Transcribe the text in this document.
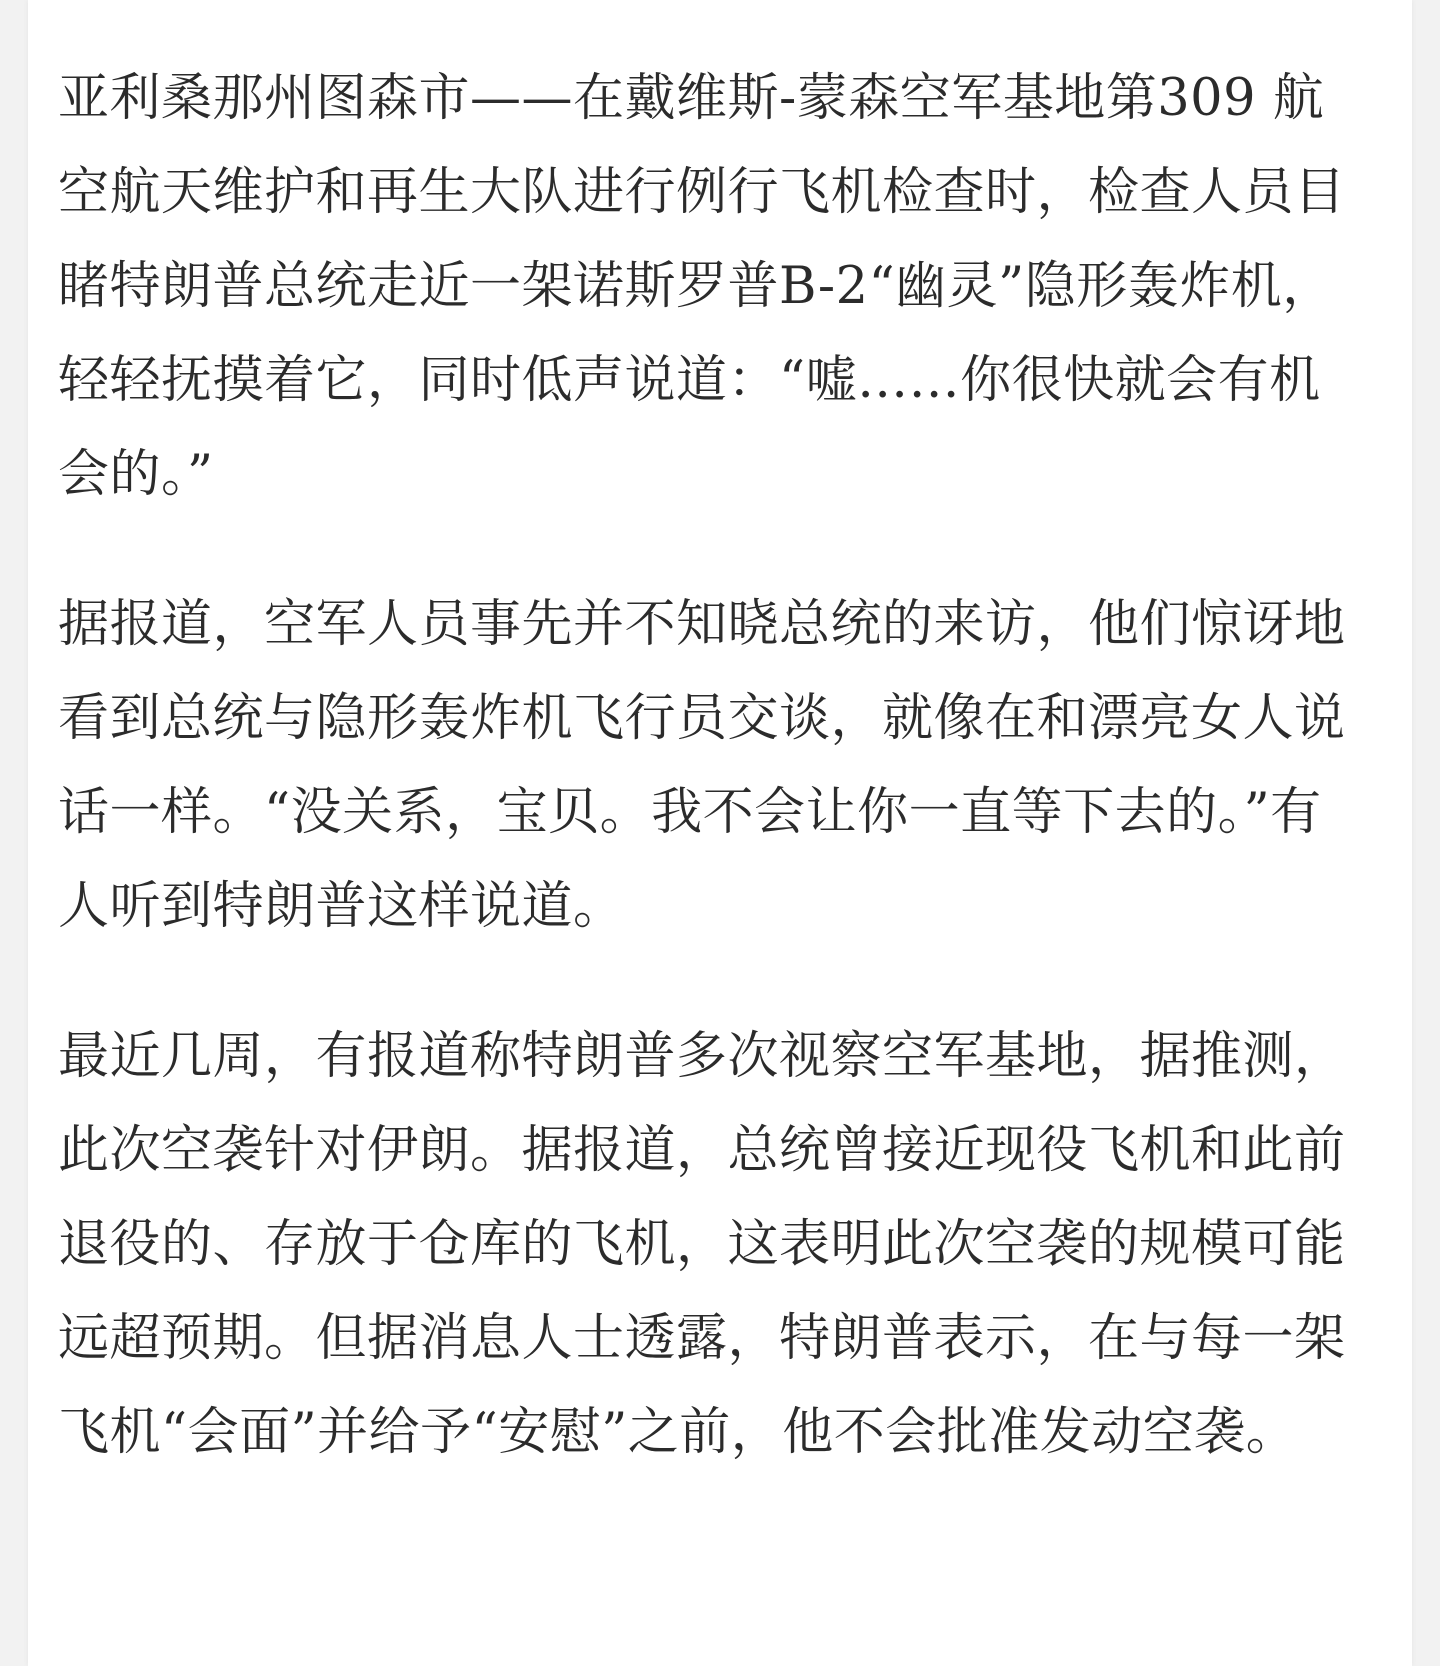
亚利桑那州图森市——在戴维斯-蒙森空军基地第309 航空航天维护和再生大队进行例行飞机检查时，检查人员目睹特朗普总统走近一架诺斯罗普B-2“幽灵”隐形轰炸机，轻轻抚摸着它，同时低声说道：“嘘……你很快就会有机会的。”

据报道，空军人员事先并不知晓总统的来访，他们惊讶地看到总统与隐形轰炸机飞行员交谈，就像在和漂亮女人说话一样。“没关系，宝贝。我不会让你一直等下去的。”有人听到特朗普这样说道。

最近几周，有报道称特朗普多次视察空军基地，据推测，此次空袭针对伊朗。据报道，总统曾接近现役飞机和此前退役的、存放于仓库的飞机，这表明此次空袭的规模可能远超预期。但据消息人士透露，特朗普表示，在与每一架飞机“会面”并给予“安慰”之前，他不会批准发动空袭。
